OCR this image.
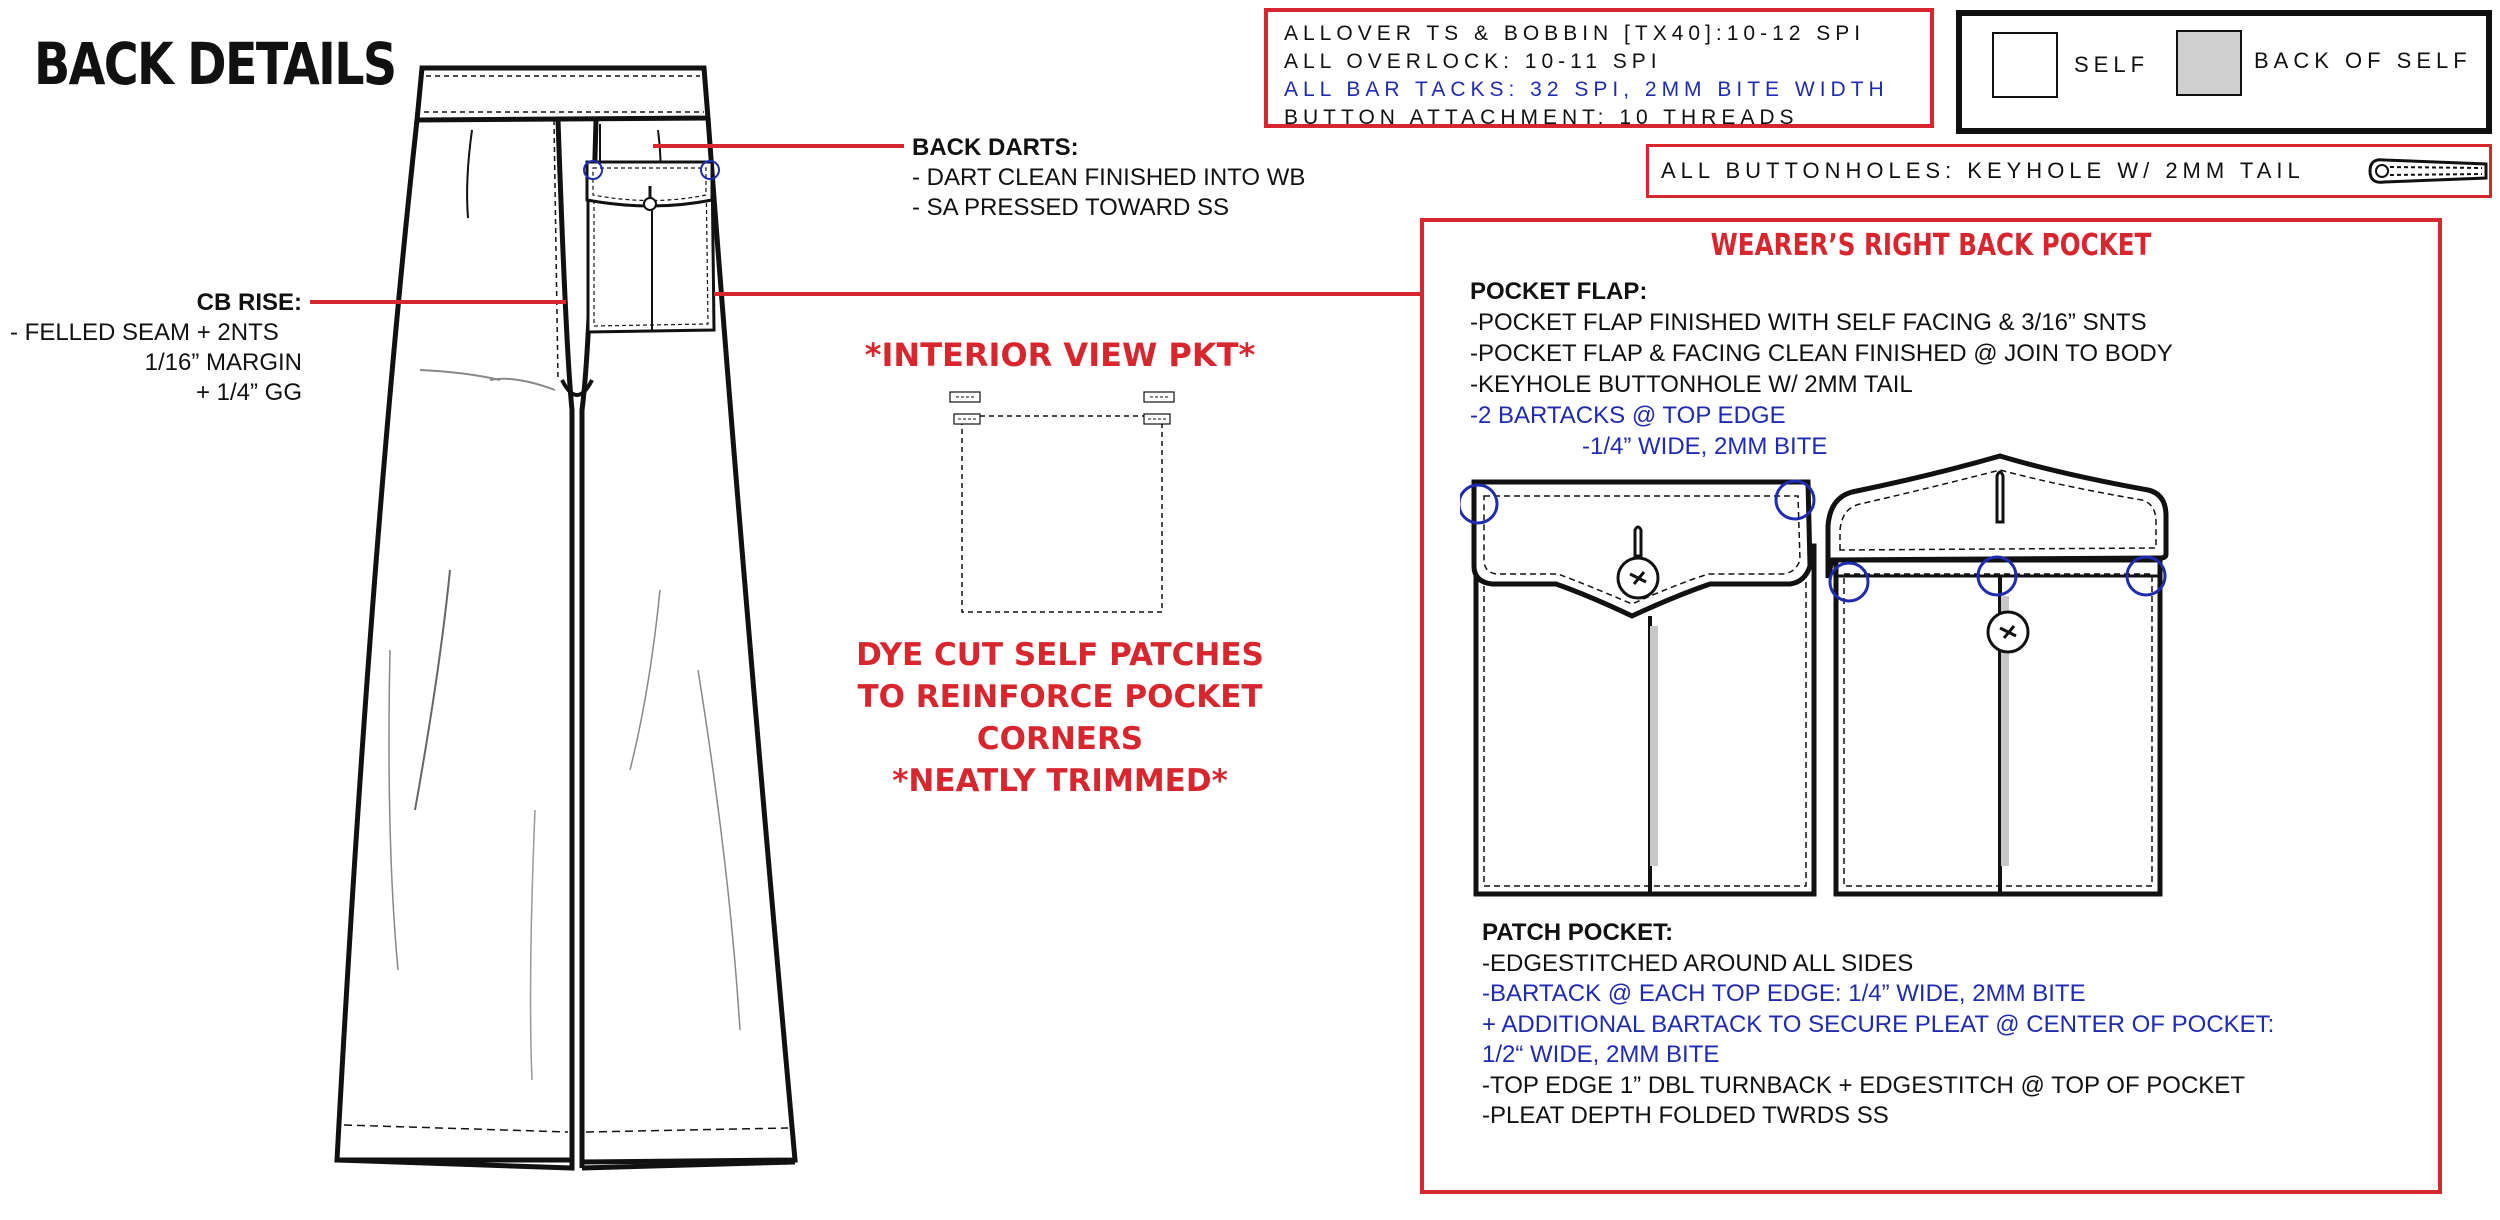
BACK DETAILS	ALLOVER TS & BOBBIN [TX40]:10-12 SPI
ALL OVERLOCK: 10-11 SPI
ALL BAR TACKS: 32 SPI, 2MM BITE WIDTH
BUTTON ATTACHMENT: 10 THREADS
SELF	BACK OF SELF
ALL BUTTONHOLES: KEYHOLE W/ 2MM TAIL
BACK DARTS:
- DART CLEAN FINISHED INTO WB
- SA PRESSED TOWARD SS
CB RISE:
- FELLED SEAM + 2NTS
1/16” MARGIN
+ 1/4” GG
*INTERIOR VIEW PKT*
DYE CUT SELF PATCHES
TO REINFORCE POCKET CORNERS
*NEATLY TRIMMED*
WEARER’S RIGHT BACK POCKET
POCKET FLAP:
-POCKET FLAP FINISHED WITH SELF FACING & 3/16” SNTS
-POCKET FLAP & FACING CLEAN FINISHED @ JOIN TO BODY
-KEYHOLE BUTTONHOLE W/ 2MM TAIL
-2 BARTACKS @ TOP EDGE
-1/4” WIDE, 2MM BITE
PATCH POCKET:
-EDGESTITCHED AROUND ALL SIDES
-BARTACK @ EACH TOP EDGE: 1/4” WIDE, 2MM BITE
+ ADDITIONAL BARTACK TO SECURE PLEAT @ CENTER OF POCKET:
1/2“ WIDE, 2MM BITE
-TOP EDGE 1” DBL TURNBACK + EDGESTITCH @ TOP OF POCKET
-PLEAT DEPTH FOLDED TWRDS SS
